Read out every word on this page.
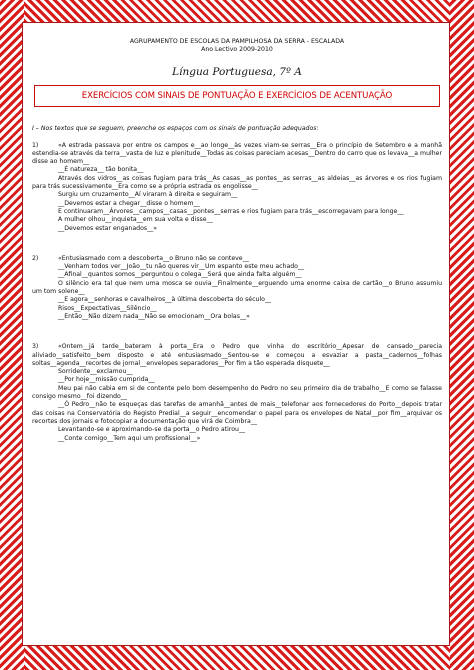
AGRUPAMENTO DE ESCOLAS DA PAMPILHOSA DA SERRA - ESCALADA
Ano Lectivo 2009-2010
Língua Portuguesa, 7º A
EXERCÍCIOS COM SINAIS DE PONTUAÇÃO E EXERCÍCIOS DE ACENTUAÇÃO
I – Nos textos que se seguem, preenche os espaços com os sinais de pontuação adequados:

1)	«A estrada passava por entre os campos e__ao longe__às vezes viam-se serras__Era o princípio de Setembro e a manhã estendia-se através da terra__vasta de luz e plenitude__Todas as coisas pareciam acesas__Dentro do carro que os levava__a mulher disse ao homem__

__É natureza__ tão bonita__

Através dos vidros__as coisas fugiam para trás__As casas__as pontes__as serras__as aldeias__as árvores e os rios fugiam para trás sucessivamente__Era como se a própria estrada os engolisse__

Surgiu um cruzamento__Aí viraram à direita e seguiram__

__Devemos estar a chegar__disse o homem__

E continuaram__Árvores__campos__casas__pontes__serras e rios fugiam para trás__escorregavam para longe__

A mulher olhou__inquieta__em sua volta e disse__

__Devemos estar enganados__»

2)	«Entusiasmado com a descoberta__o Bruno não se conteve__

__Venham todos ver__João__tu não queres vir__Um espanto este meu achado__

__Afinal__quantos somos__perguntou o colega__Será que ainda falta alguém__

O silêncio era tal que nem uma mosca se ouvia__Finalmente__erguendo uma enorme caixa de cartão__o Bruno assumiu um tom solene__

__E agora__senhoras e cavalheiros__à última descoberta do século__

Risos__Expectativas__Silêncio__

__Então__Não dizem nada__Não se emocionam__Ora bolas__»

3)	«Ontem__já tarde__bateram à porta__Era o Pedro que vinha do escritório__Apesar de cansado__parecia aliviado__satisfeito__bem disposto e até entusiasmado__Sentou-se e começou a esvaziar a pasta__cadernos__folhas soltas__agenda__recortes de jornal__envelopes separadores__Por fim a tão esperada disquete__

Sorridente__exclamou__

__Por hoje__missão cumprida__

Meu pai não cabia em si de contente pelo bom desempenho do Pedro no seu primeiro dia de trabalho__E como se falasse consigo mesmo__foi dizendo__

__Ó Pedro__não te esqueças das tarefas de amanhã__antes de mais__telefonar aos fornecedores do Porto__depois tratar das coisas na Conservatória do Registo Predial__a seguir__encomendar o papel para os envelopes de Natal__por fim__arquivar os recortes dos jornais e fotocopiar a documentação que virá de Coimbra__

Levantando-se e aproximando-se da porta__o Pedro atirou__

__Conte comigo__Tem aqui um profissional__»
